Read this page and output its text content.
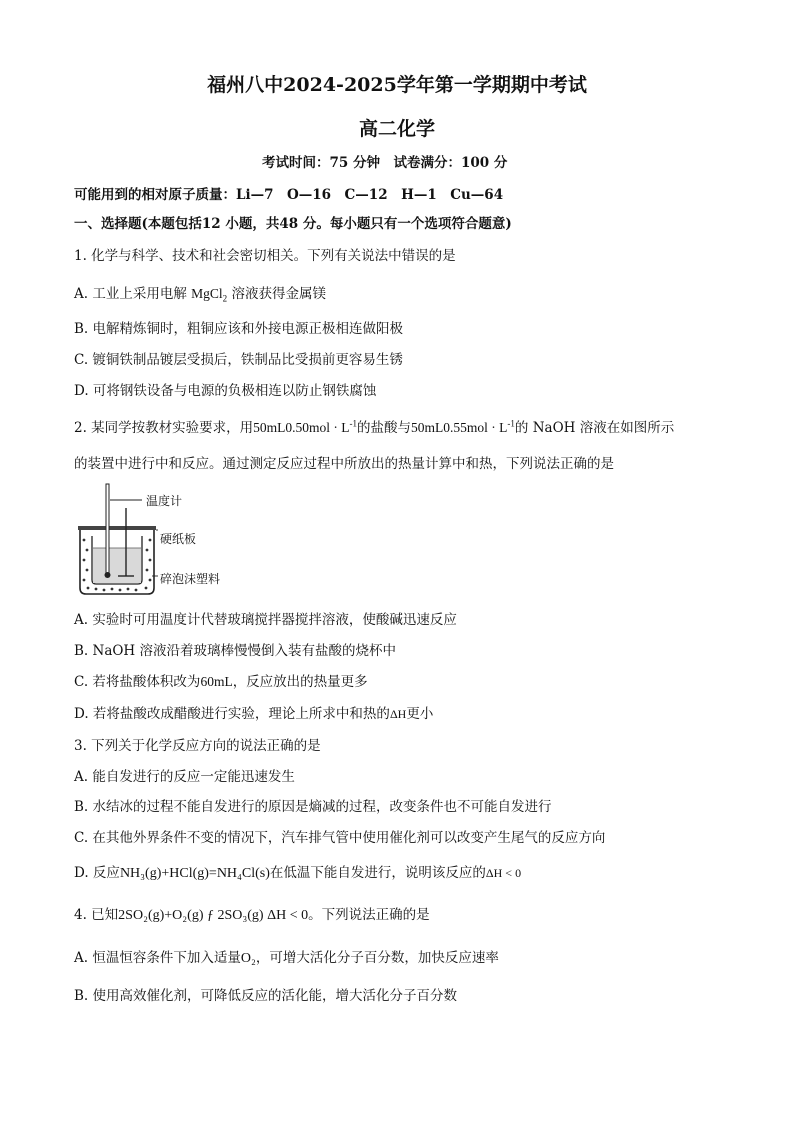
福州八中2024-2025学年第一学期期中考试
高二化学
考试时间：75 分钟　试卷满分：100 分
可能用到的相对原子质量：Li—7　O—16　C—12　H—1　Cu—64
一、选择题(本题包括12 小题，共48 分。每小题只有一个选项符合题意)
1. 化学与科学、技术和社会密切相关。下列有关说法中错误的是
A. 工业上采用电解 MgCl$_2$ 溶液获得金属镁
B. 电解精炼铜时，粗铜应该和外接电源正极相连做阳极
C. 镀铜铁制品镀层受损后，铁制品比受损前更容易生锈
D. 可将钢铁设备与电源的负极相连以防止钢铁腐蚀
2. 某同学按教材实验要求，用$50mL0.50mol \cdot L^{-1}$的盐酸与$50mL0.55mol \cdot L^{-1}$的 NaOH 溶液在如图所示
的装置中进行中和反应。通过测定反应过程中所放出的热量计算中和热，下列说法正确的是
温度计
硬纸板
碎泡沫塑料
A. 实验时可用温度计代替玻璃搅拌器搅拌溶液，使酸碱迅速反应
B. NaOH 溶液沿着玻璃棒慢慢倒入装有盐酸的烧杯中
C. 若将盐酸体积改为60mL，反应放出的热量更多
D. 若将盐酸改成醋酸进行实验，理论上所求中和热的ΔH更小
3. 下列关于化学反应方向的说法正确的是
A. 能自发进行的反应一定能迅速发生
B. 水结冰的过程不能自发进行的原因是熵减的过程，改变条件也不可能自发进行
C. 在其他外界条件不变的情况下，汽车排气管中使用催化剂可以改变产生尾气的反应方向
D. 反应NH₃(g)+HCl(g)=NH₄Cl(s)在低温下能自发进行，说明该反应的ΔH < 0
4. 已知2SO₂(g)+O₂(g) ƒ 2SO₃(g) ΔH < 0。下列说法正确的是
A. 恒温恒容条件下加入适量O₂，可增大活化分子百分数，加快反应速率
B. 使用高效催化剂，可降低反应的活化能，增大活化分子百分数
